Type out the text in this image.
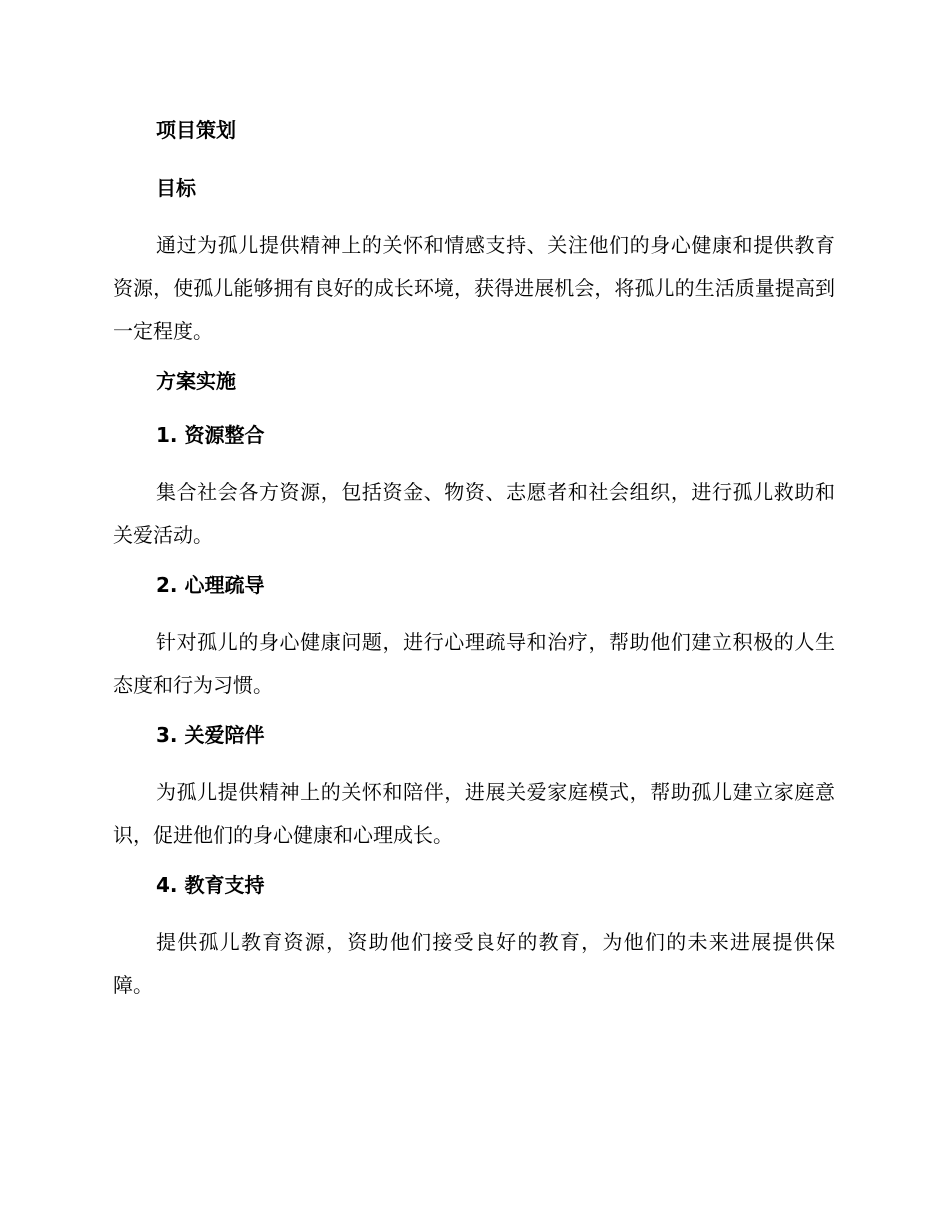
项目策划

目标

通过为孤儿提供精神上的关怀和情感支持、关注他们的身心健康和提供教育资源，使孤儿能够拥有良好的成长环境，获得进展机会，将孤儿的生活质量提高到一定程度。

方案实施

1. 资源整合

集合社会各方资源，包括资金、物资、志愿者和社会组织，进行孤儿救助和关爱活动。

2. 心理疏导

针对孤儿的身心健康问题，进行心理疏导和治疗，帮助他们建立积极的人生态度和行为习惯。

3. 关爱陪伴

为孤儿提供精神上的关怀和陪伴，进展关爱家庭模式，帮助孤儿建立家庭意识，促进他们的身心健康和心理成长。

4. 教育支持

提供孤儿教育资源，资助他们接受良好的教育，为他们的未来进展提供保障。
